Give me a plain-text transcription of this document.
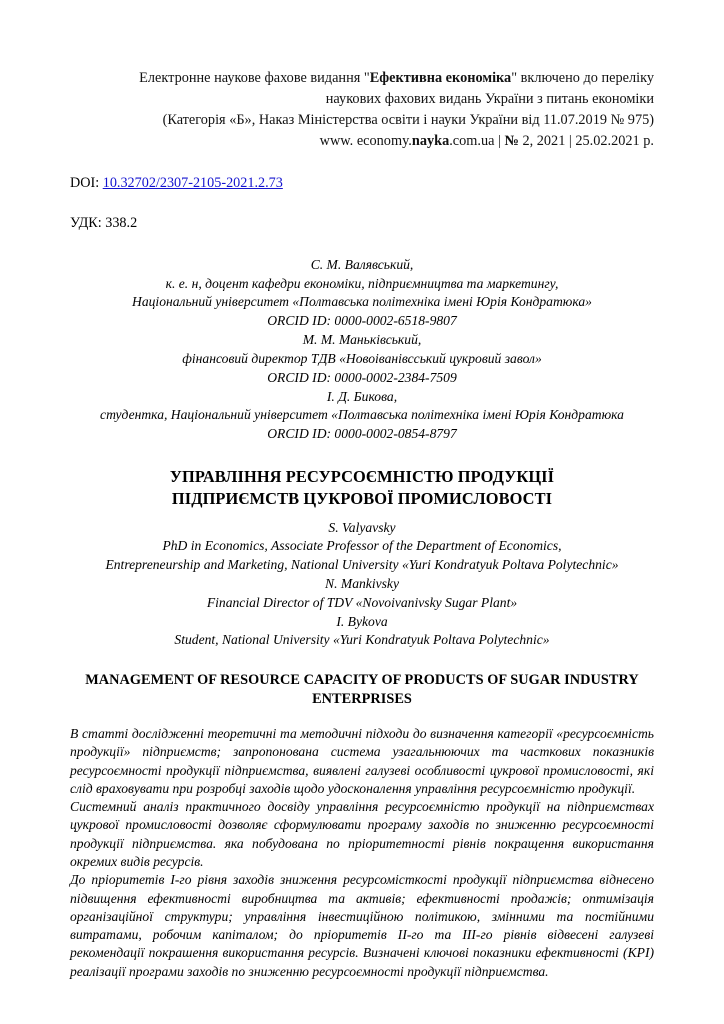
Електронне наукове фахове видання "Ефективна економіка" включено до переліку
наукових фахових видань України з питань економіки
(Категорія «Б», Наказ Міністерства освіти і науки України від 11.07.2019 № 975)
www. economy.nayka.com.ua | № 2, 2021 | 25.02.2021 р.
DOI: 10.32702/2307-2105-2021.2.73
УДК: 338.2
С. М. Валявський,
к. е. н, доцент кафедри економіки, підприємництва та маркетингу,
Національний університет «Полтавська політехніка імені Юрія Кондратюка»
ORCID ID: 0000-0002-6518-9807
М. М. Маньківський,
фінансовий директор ТДВ «Новоіванівсський цукровий завол»
ORCID ID: 0000-0002-2384-7509
І. Д. Бикова,
студентка, Національний університет «Полтавська політехніка імені Юрія Кондратюка
ORCID ID: 0000-0002-0854-8797
УПРАВЛІННЯ РЕСУРСОЄМНІСТЮ ПРОДУКЦІЇ
ПІДПРИЄМСТВ ЦУКРОВОЇ ПРОМИСЛОВОСТІ
S. Valyavsky
PhD in Economics, Associate Professor of the Department of Economics,
Entrepreneurship and Marketing, National University «Yuri Kondratyuk Poltava Polytechnic»
N. Mankivsky
Financial Director of TDV «Novoivanivsky Sugar Plant»
I. Bykova
Student, National University «Yuri Kondratyuk Poltava Polytechnic»
MANAGEMENT OF RESOURCE CAPACITY OF PRODUCTS OF SUGAR INDUSTRY
ENTERPRISES

В статті дослідженні теоретичні та методичні підходи до визначення категорії «ресурсоємність продукції» підприємств; запропонована система узагальнюючих та часткових показників ресурсоємності продукції підприємства, виявлені галузеві особливості цукрової промисловості, які слід враховувати при розробці заходів щодо удосконалення управління ресурсоємністю продукції.

Системний аналіз практичного досвіду управління ресурсоємністю продукції на підприємствах цукрової промисловості дозволяє сформулювати програму заходів по зниженню ресурсоємності продукції підприємства. яка побудована по пріоритетності рівнів покращення використання окремих видів ресурсів.

До пріоритетів І-го рівня заходів зниження ресурсомісткості продукції підприємства віднесено підвищення ефективності виробництва та активів; ефективності продажів; оптимізація організаційної структури; управління інвестиційною політикою, змінними та постійними витратами, робочим капіталом; до пріоритетів ІІ-го та ІІІ-го рівнів відвесені галузеві рекомендації покрашення використання ресурсів. Визначені ключові показники ефективності (KPI) реалізації програми заходів по зниженню ресурсоємності продукції підприємства.
